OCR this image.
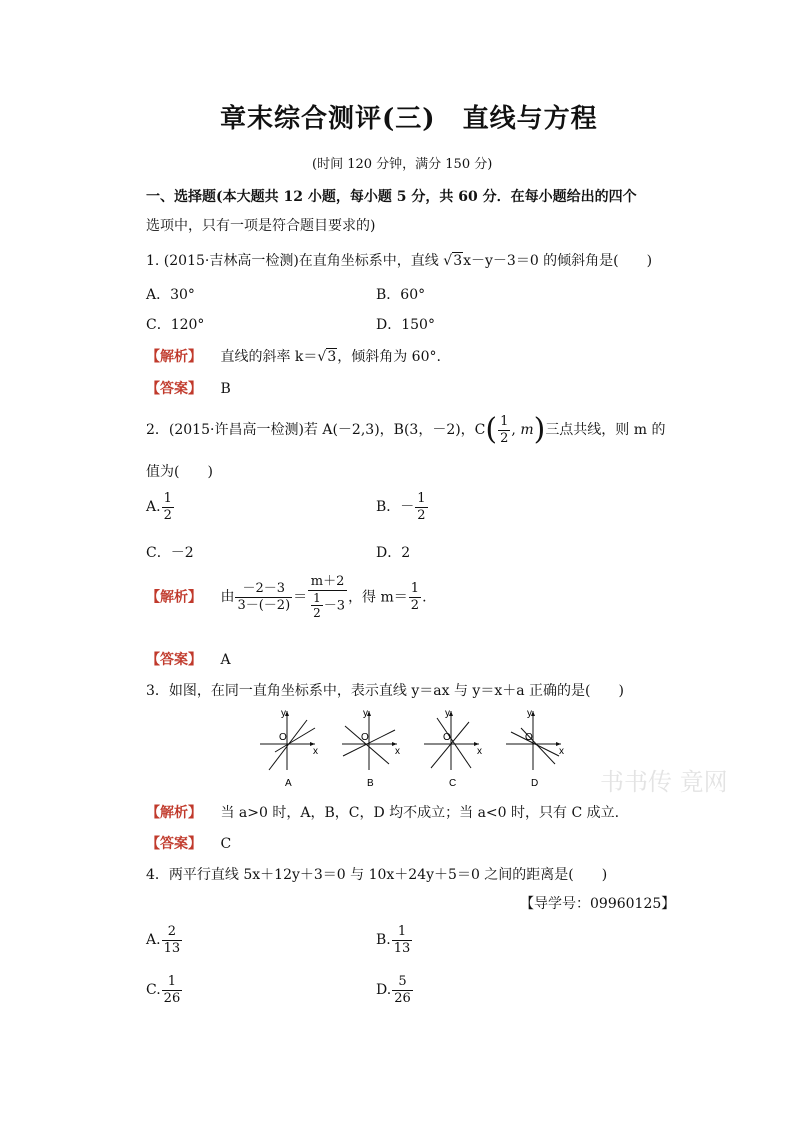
章末综合测评(三)　直线与方程
(时间 120 分钟，满分 150 分)
一、选择题(本大题共 12 小题，每小题 5 分，共 60 分．在每小题给出的四个
选项中，只有一项是符合题目要求的)
1. (2015·吉林高一检测)在直角坐标系中，直线 √3x－y－3＝0 的倾斜角是(　　)
A．30°	B．60°
C．120°	D．150°
【解析】 直线的斜率 k＝√3，倾斜角为 60°.
【答案】 B
2．(2015·许昌高一检测)若 A(－2,3)，B(3，－2)，$C( \frac{1}{2}$ , m)三点共线，则 m 的
值为(　　)
A. $\frac{1}{2}$	B．－ $\frac{1}{2}$
C．－2	D．2
【解析】 由 $\frac{-2-3}{3-(-2)} = \frac{m+2}{\frac{1}{2} -3}$ ，得 $m= \frac{1}{2}$ .
【答案】 A
3．如图，在同一直角坐标系中，表示直线 y＝ax 与 y＝x＋a 正确的是(　　)
O
x
y
A
O
x
y
B
O
x
y
C
O
x
y
D	书书传 竟网
【解析】 当 a>0 时，A，B，C，D 均不成立；当 a<0 时，只有 C 成立.
【答案】 C
4．两平行直线 5x＋12y＋3＝0 与 10x＋24y＋5＝0 之间的距离是(　　)
【导学号：09960125】
A. $\frac{2}{13}$	B. $\frac{1}{13}$
C. $\frac{1}{26}$	D. $\frac{5}{26}$
